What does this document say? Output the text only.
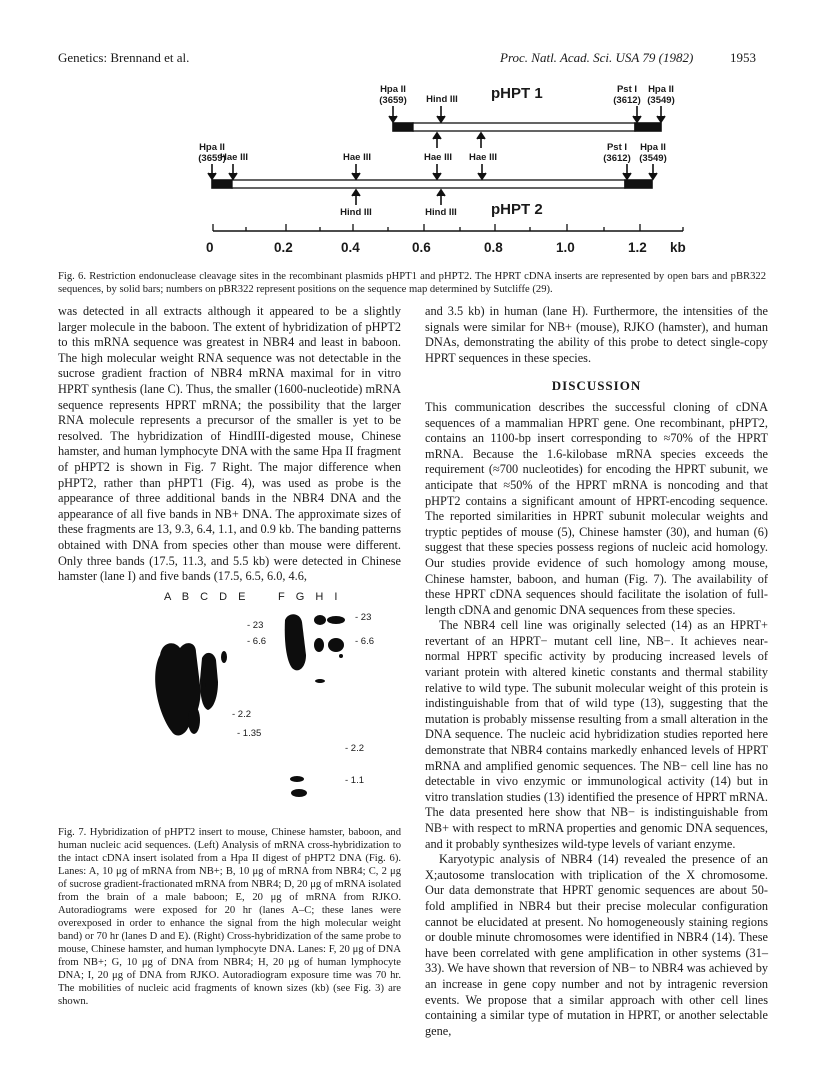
Genetics: Brennand et al.	Proc. Natl. Acad. Sci. USA 79 (1982)	1953
Hpa II
(3659)	Hind III	pHPT 1	Pst I
(3612)
Hpa II
(3549)
Hpa II
(3659)
Hae III	Hae III	Hae III	Hae III
Pst I
(3612)
Hpa II
(3549)
Hind III	Hind III	pHPT 2
0	0.2	0.4	0.6	0.8	1.0	1.2 kb
Fig. 6. Restriction endonuclease cleavage sites in the recombinant plasmids pHPT1 and pHPT2. The HPRT cDNA inserts are represented by open bars and pBR322 sequences, by solid bars; numbers on pBR322 represent positions on the sequence map determined by Sutcliffe (29).

was detected in all extracts although it appeared to be a slightly larger molecule in the baboon. The extent of hybridization of pHPT2 to this mRNA sequence was greatest in NBR4 and least in baboon. The high molecular weight RNA sequence was not detectable in the sucrose gradient fraction of NBR4 mRNA maximal for in vitro HPRT synthesis (lane C). Thus, the smaller (1600-nucleotide) mRNA sequence represents HPRT mRNA; the possibility that the larger RNA molecule represents a precursor of the smaller is yet to be resolved. The hybridization of HindIII-digested mouse, Chinese hamster, and human lymphocyte DNA with the same Hpa II fragment of pHPT2 is shown in Fig. 7 Right. The major difference when pHPT2, rather than pHPT1 (Fig. 4), was used as probe is the appearance of three additional bands in the NBR4 DNA and the appearance of all five bands in NB+ DNA. The approximate sizes of these fragments are 13, 9.3, 6.4, 1.1, and 0.9 kb. The banding patterns obtained with DNA from species other than mouse were different. Only three bands (17.5, 11.3, and 5.5 kb) were detected in Chinese hamster (lane I) and five bands (17.5, 6.5, 6.0, 4.6,

A B C D E	F G H I
- 23
- 6.6
- 2.2
- 1.35
- 23
- 6.6
- 2.2
- 1.1
Fig. 7. Hybridization of pHPT2 insert to mouse, Chinese hamster, baboon, and human nucleic acid sequences. (Left) Analysis of mRNA cross-hybridization to the intact cDNA insert isolated from a Hpa II digest of pHPT2 DNA (Fig. 6). Lanes: A, 10 μg of mRNA from NB+; B, 10 μg of mRNA from NBR4; C, 2 μg of sucrose gradient-fractionated mRNA from NBR4; D, 20 μg of mRNA isolated from the brain of a male baboon; E, 20 μg of mRNA from RJKO. Autoradiograms were exposed for 20 hr (lanes A–C; these lanes were overexposed in order to enhance the signal from the high molecular weight band) or 70 hr (lanes D and E). (Right) Cross-hybridization of the same probe to mouse, Chinese hamster, and human lymphocyte DNA. Lanes: F, 20 μg of DNA from NB+; G, 10 μg of DNA from NBR4; H, 20 μg of human lymphocyte DNA; I, 20 μg of DNA from RJKO. Autoradiogram exposure time was 70 hr. The mobilities of nucleic acid fragments of known sizes (kb) (see Fig. 3) are shown.

and 3.5 kb) in human (lane H). Furthermore, the intensities of the signals were similar for NB+ (mouse), RJKO (hamster), and human DNAs, demonstrating the ability of this probe to detect single-copy HPRT sequences in these species.

DISCUSSION

This communication describes the successful cloning of cDNA sequences of a mammalian HPRT gene. One recombinant, pHPT2, contains an 1100-bp insert corresponding to ≈70% of the HPRT mRNA. Because the 1.6-kilobase mRNA species exceeds the requirement (≈700 nucleotides) for encoding the HPRT subunit, we anticipate that ≈50% of the HPRT mRNA is noncoding and that pHPT2 contains a significant amount of HPRT-encoding sequence. The reported similarities in HPRT subunit molecular weights and tryptic peptides of mouse (5), Chinese hamster (30), and human (6) suggest that these species possess regions of nucleic acid homology. Our studies provide evidence of such homology among mouse, Chinese hamster, baboon, and human (Fig. 7). The availability of these HPRT cDNA sequences should facilitate the isolation of full-length cDNA and genomic DNA sequences from these species.

The NBR4 cell line was originally selected (14) as an HPRT+ revertant of an HPRT− mutant cell line, NB−. It achieves near-normal HPRT specific activity by producing increased levels of variant protein with altered kinetic constants and thermal stability relative to wild type. The subunit molecular weight of this protein is indistinguishable from that of wild type (13), suggesting that the mutation is probably missense resulting from a small alteration in the DNA sequence. The nucleic acid hybridization studies reported here demonstrate that NBR4 contains markedly enhanced levels of HPRT mRNA and amplified genomic sequences. The NB− cell line has no detectable in vivo enzymic or immunological activity (14) but in vitro translation studies (13) identified the presence of HPRT mRNA. The data presented here show that NB− is indistinguishable from NB+ with respect to mRNA properties and genomic DNA sequences, and it probably synthesizes wild-type levels of variant enzyme.

Karyotypic analysis of NBR4 (14) revealed the presence of an X;autosome translocation with triplication of the X chromosome. Our data demonstrate that HPRT genomic sequences are about 50-fold amplified in NBR4 but their precise molecular configuration cannot be elucidated at present. No homogeneously staining regions or double minute chromosomes were identified in NBR4 (14). These have been correlated with gene amplification in other systems (31–33). We have shown that reversion of NB− to NBR4 was achieved by an increase in gene copy number and not by intragenic reversion events. We propose that a similar approach with other cell lines containing a similar type of mutation in HPRT, or another selectable gene,
